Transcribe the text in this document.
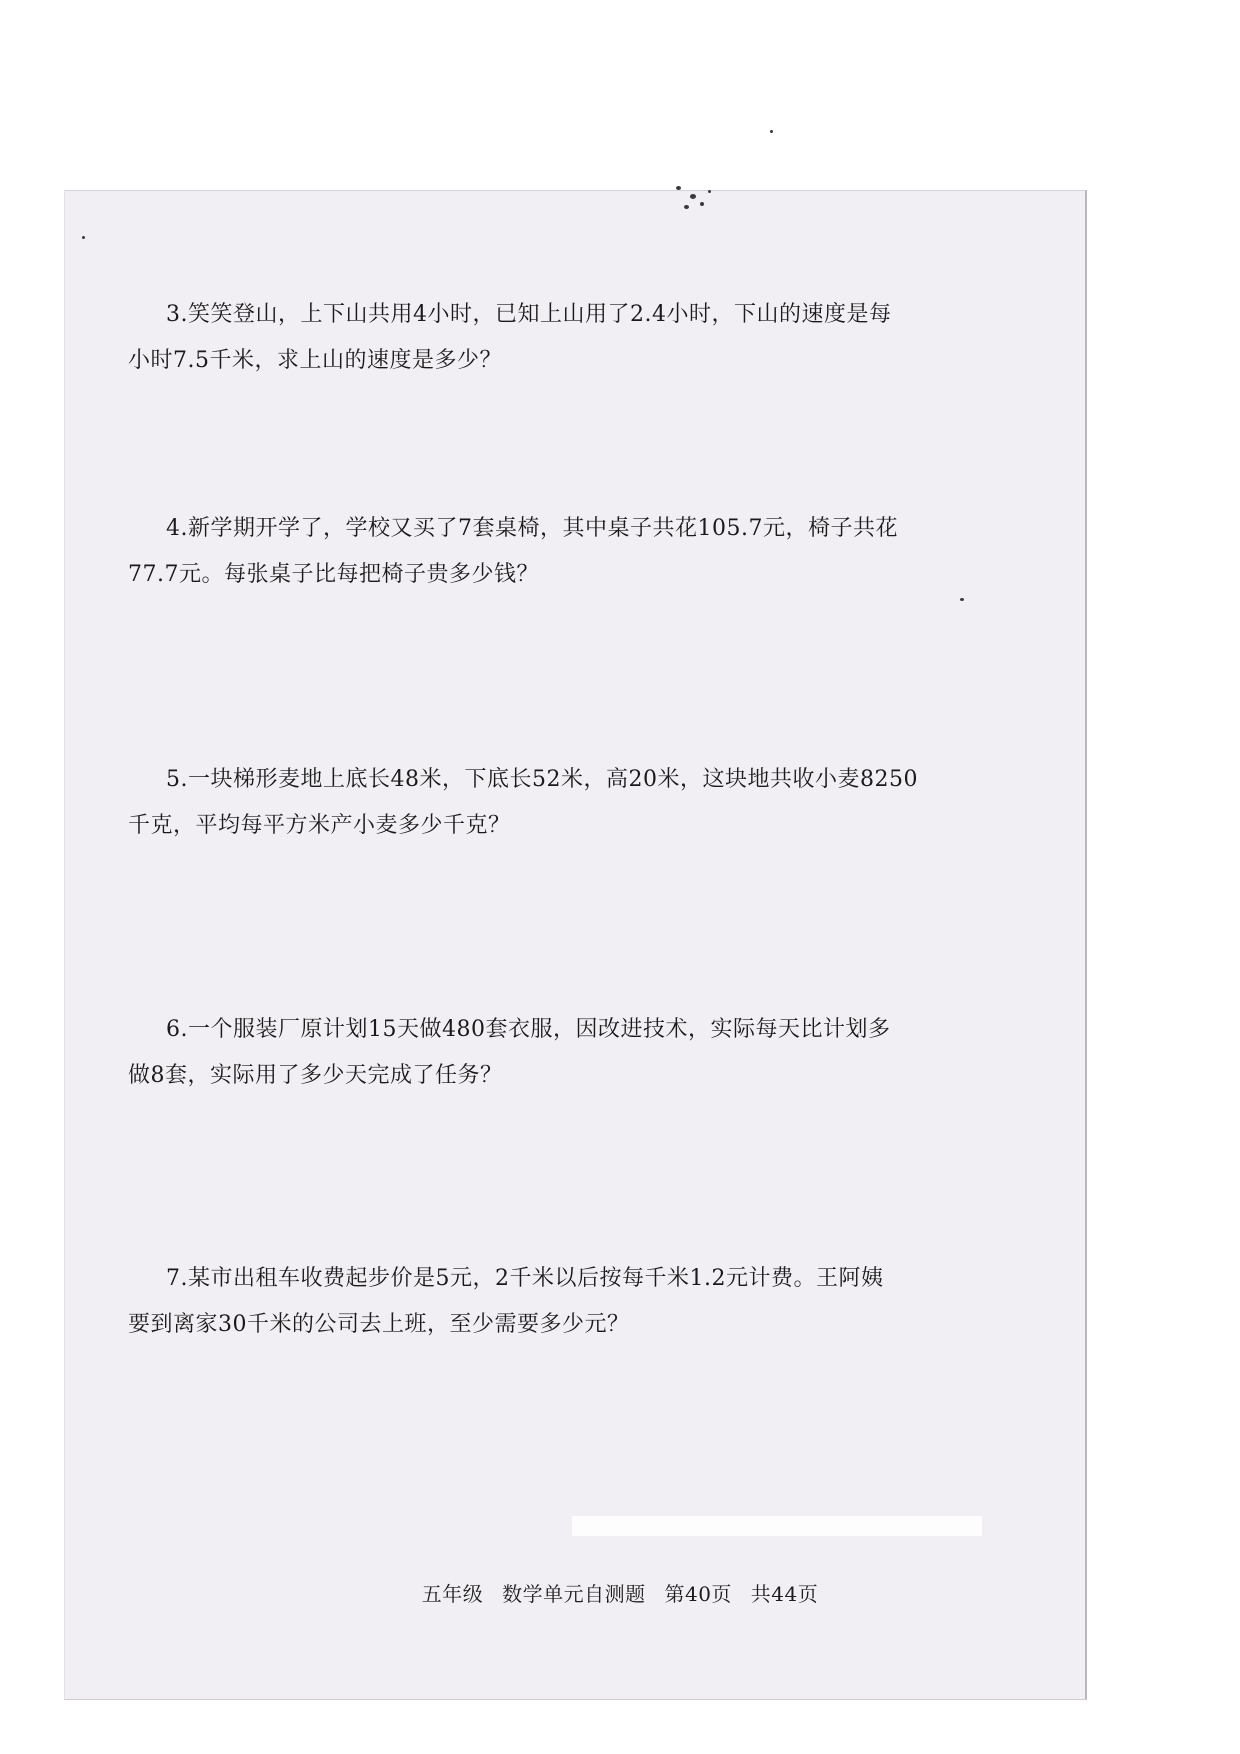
3.笑笑登山，上下山共用4小时，已知上山用了2.4小时，下山的速度是每
小时7.5千米，求上山的速度是多少？
4.新学期开学了，学校又买了7套桌椅，其中桌子共花105.7元，椅子共花
77.7元。每张桌子比每把椅子贵多少钱？
5.一块梯形麦地上底长48米，下底长52米，高20米，这块地共收小麦8250
千克，平均每平方米产小麦多少千克？
6.一个服装厂原计划15天做480套衣服，因改进技术，实际每天比计划多
做8套，实际用了多少天完成了任务？
7.某市出租车收费起步价是5元，2千米以后按每千米1.2元计费。王阿姨
要到离家30千米的公司去上班，至少需要多少元？
五年级 数学单元自测题 第40页 共44页
